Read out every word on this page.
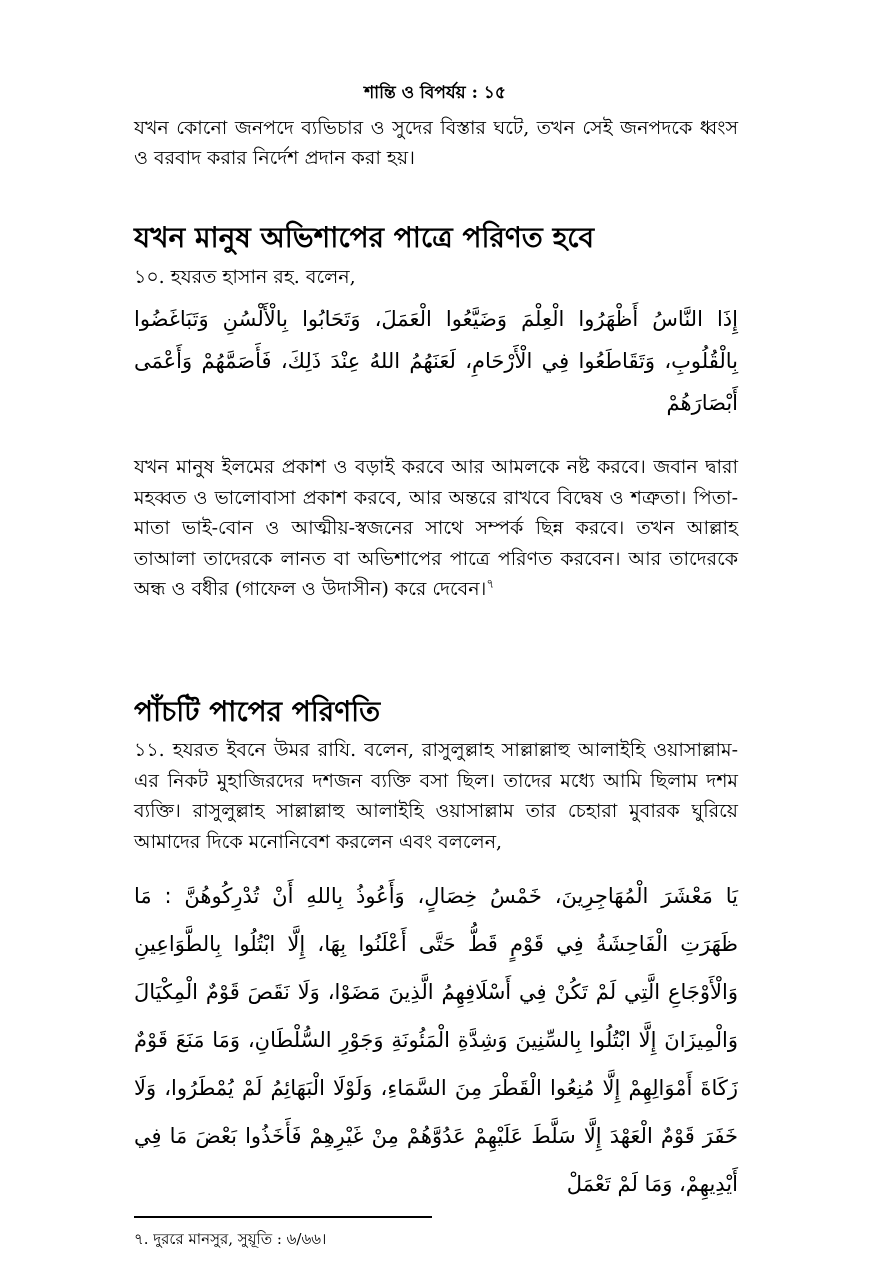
শান্তি ও বিপর্যয় : ১৫
যখন কোনো জনপদে ব্যভিচার ও সুদের বিস্তার ঘটে, তখন সেই জনপদকে ধ্বংস ও বরবাদ করার নির্দেশ প্রদান করা হয়।
যখন মানুষ অভিশাপের পাত্রে পরিণত হবে
১০. হযরত হাসান রহ. বলেন,
إِذَا النَّاسُ أَظْهَرُوا الْعِلْمَ وَضَيَّعُوا الْعَمَلَ، وَتَحَابُوا بِالْأَلْسُنِ وَتَبَاغَضُوا بِالْقُلُوبِ، وَتَقَاطَعُوا فِي الْأَرْحَامِ، لَعَنَهُمُ اللهُ عِنْدَ ذَلِكَ، فَأَصَمَّهُمْ وَأَعْمَى أَبْصَارَهُمْ
যখন মানুষ ইলমের প্রকাশ ও বড়াই করবে আর আমলকে নষ্ট করবে। জবান দ্বারা মহব্বত ও ভালোবাসা প্রকাশ করবে, আর অন্তরে রাখবে বিদ্বেষ ও শত্রুতা। পিতা-মাতা ভাই-বোন ও আত্মীয়-স্বজনের সাথে সম্পর্ক ছিন্ন করবে। তখন আল্লাহ তাআলা তাদেরকে লানত বা অভিশাপের পাত্রে পরিণত করবেন। আর তাদেরকে অন্ধ ও বধীর (গাফেল ও উদাসীন) করে দেবেন।$^৭$
পাঁচটি পাপের পরিণতি
১১. হযরত ইবনে উমর রাযি. বলেন, রাসুলুল্লাহ সাল্লাল্লাহু আলাইহি ওয়াসাল্লাম-এর নিকট মুহাজিরদের দশজন ব্যক্তি বসা ছিল। তাদের মধ্যে আমি ছিলাম দশম ব্যক্তি। রাসুলুল্লাহ সাল্লাল্লাহু আলাইহি ওয়াসাল্লাম তার চেহারা মুবারক ঘুরিয়ে আমাদের দিকে মনোনিবেশ করলেন এবং বললেন,
يَا مَعْشَرَ الْمُهَاجِرِينَ، خَمْسُ خِصَالٍ، وَأَعُوذُ بِاللهِ أَنْ تُدْرِكُوهُنَّ : مَا ظَهَرَتِ الْفَاحِشَةُ فِي قَوْمٍ قَطُّ حَتَّى أَعْلَنُوا بِهَا، إِلَّا ابْتُلُوا بِالطَّوَاعِينِ وَالْأَوْجَاعِ الَّتِي لَمْ تَكُنْ فِي أَسْلَافِهِمُ الَّذِينَ مَضَوْا، وَلَا نَقَصَ قَوْمٌ الْمِكْيَالَ وَالْمِيزَانَ إِلَّا ابْتُلُوا بِالسِّنِينَ وَشِدَّةِ الْمَئُونَةِ وَجَوْرِ السُّلْطَانِ، وَمَا مَنَعَ قَوْمٌ زَكَاةَ أَمْوَالِهِمْ إِلَّا مُنِعُوا الْقَطْرَ مِنَ السَّمَاءِ، وَلَوْلَا الْبَهَائِمُ لَمْ يُمْطَرُوا، وَلَا خَفَرَ قَوْمٌ الْعَهْدَ إِلَّا سَلَّطَ عَلَيْهِمْ عَدُوَّهُمْ مِنْ غَيْرِهِمْ فَأَخَذُوا بَعْضَ مَا فِي أَيْدِيهِمْ، وَمَا لَمْ تَعْمَلْ
৭. দুররে মানসুর, সুয়ূতি : ৬/৬৬।
